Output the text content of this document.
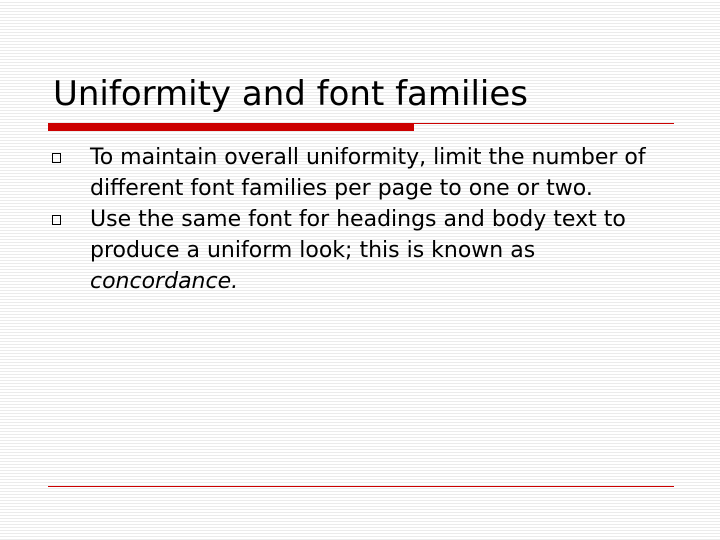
Uniformity and font families
To maintain overall uniformity, limit the number of different font families per page to one or two.
Use the same font for headings and body text to produce a uniform look; this is known as concordance.
